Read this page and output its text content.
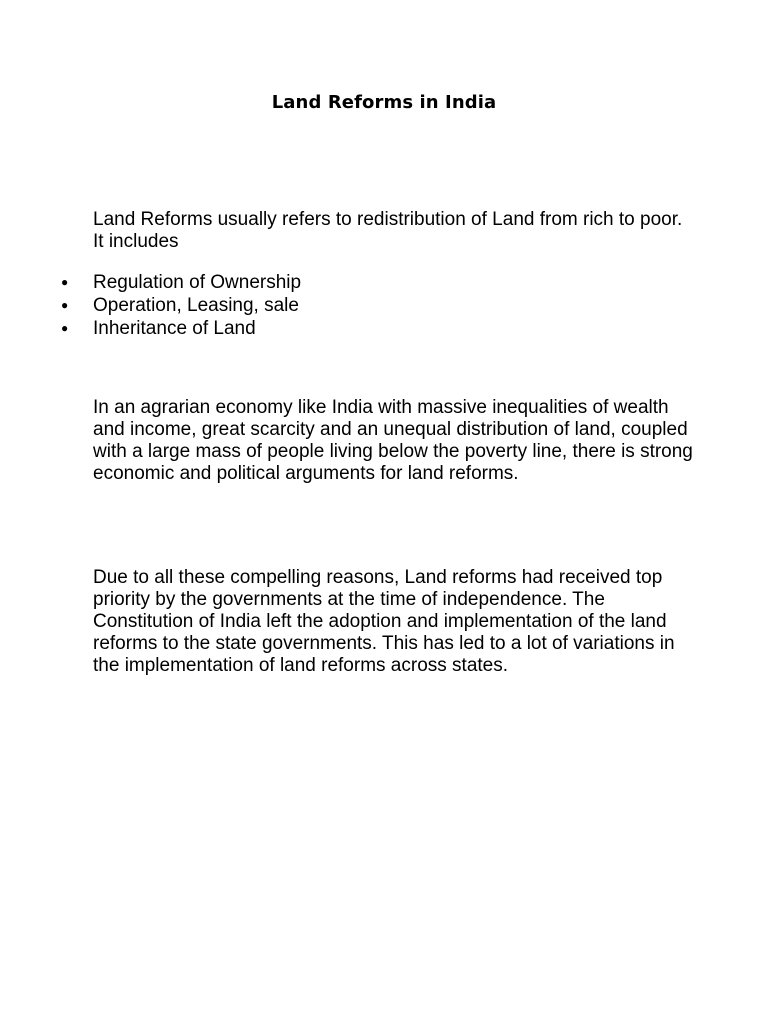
Land Reforms in India

Land Reforms usually refers to redistribution of Land from rich to poor. It includes

● Regulation of Ownership
● Operation, Leasing, sale
● Inheritance of Land

In an agrarian economy like India with massive inequalities of wealth and income, great scarcity and an unequal distribution of land, coupled with a large mass of people living below the poverty line, there is strong economic and political arguments for land reforms.

Due to all these compelling reasons, Land reforms had received top priority by the governments at the time of independence. The Constitution of India left the adoption and implementation of the land reforms to the state governments. This has led to a lot of variations in the implementation of land reforms across states.
